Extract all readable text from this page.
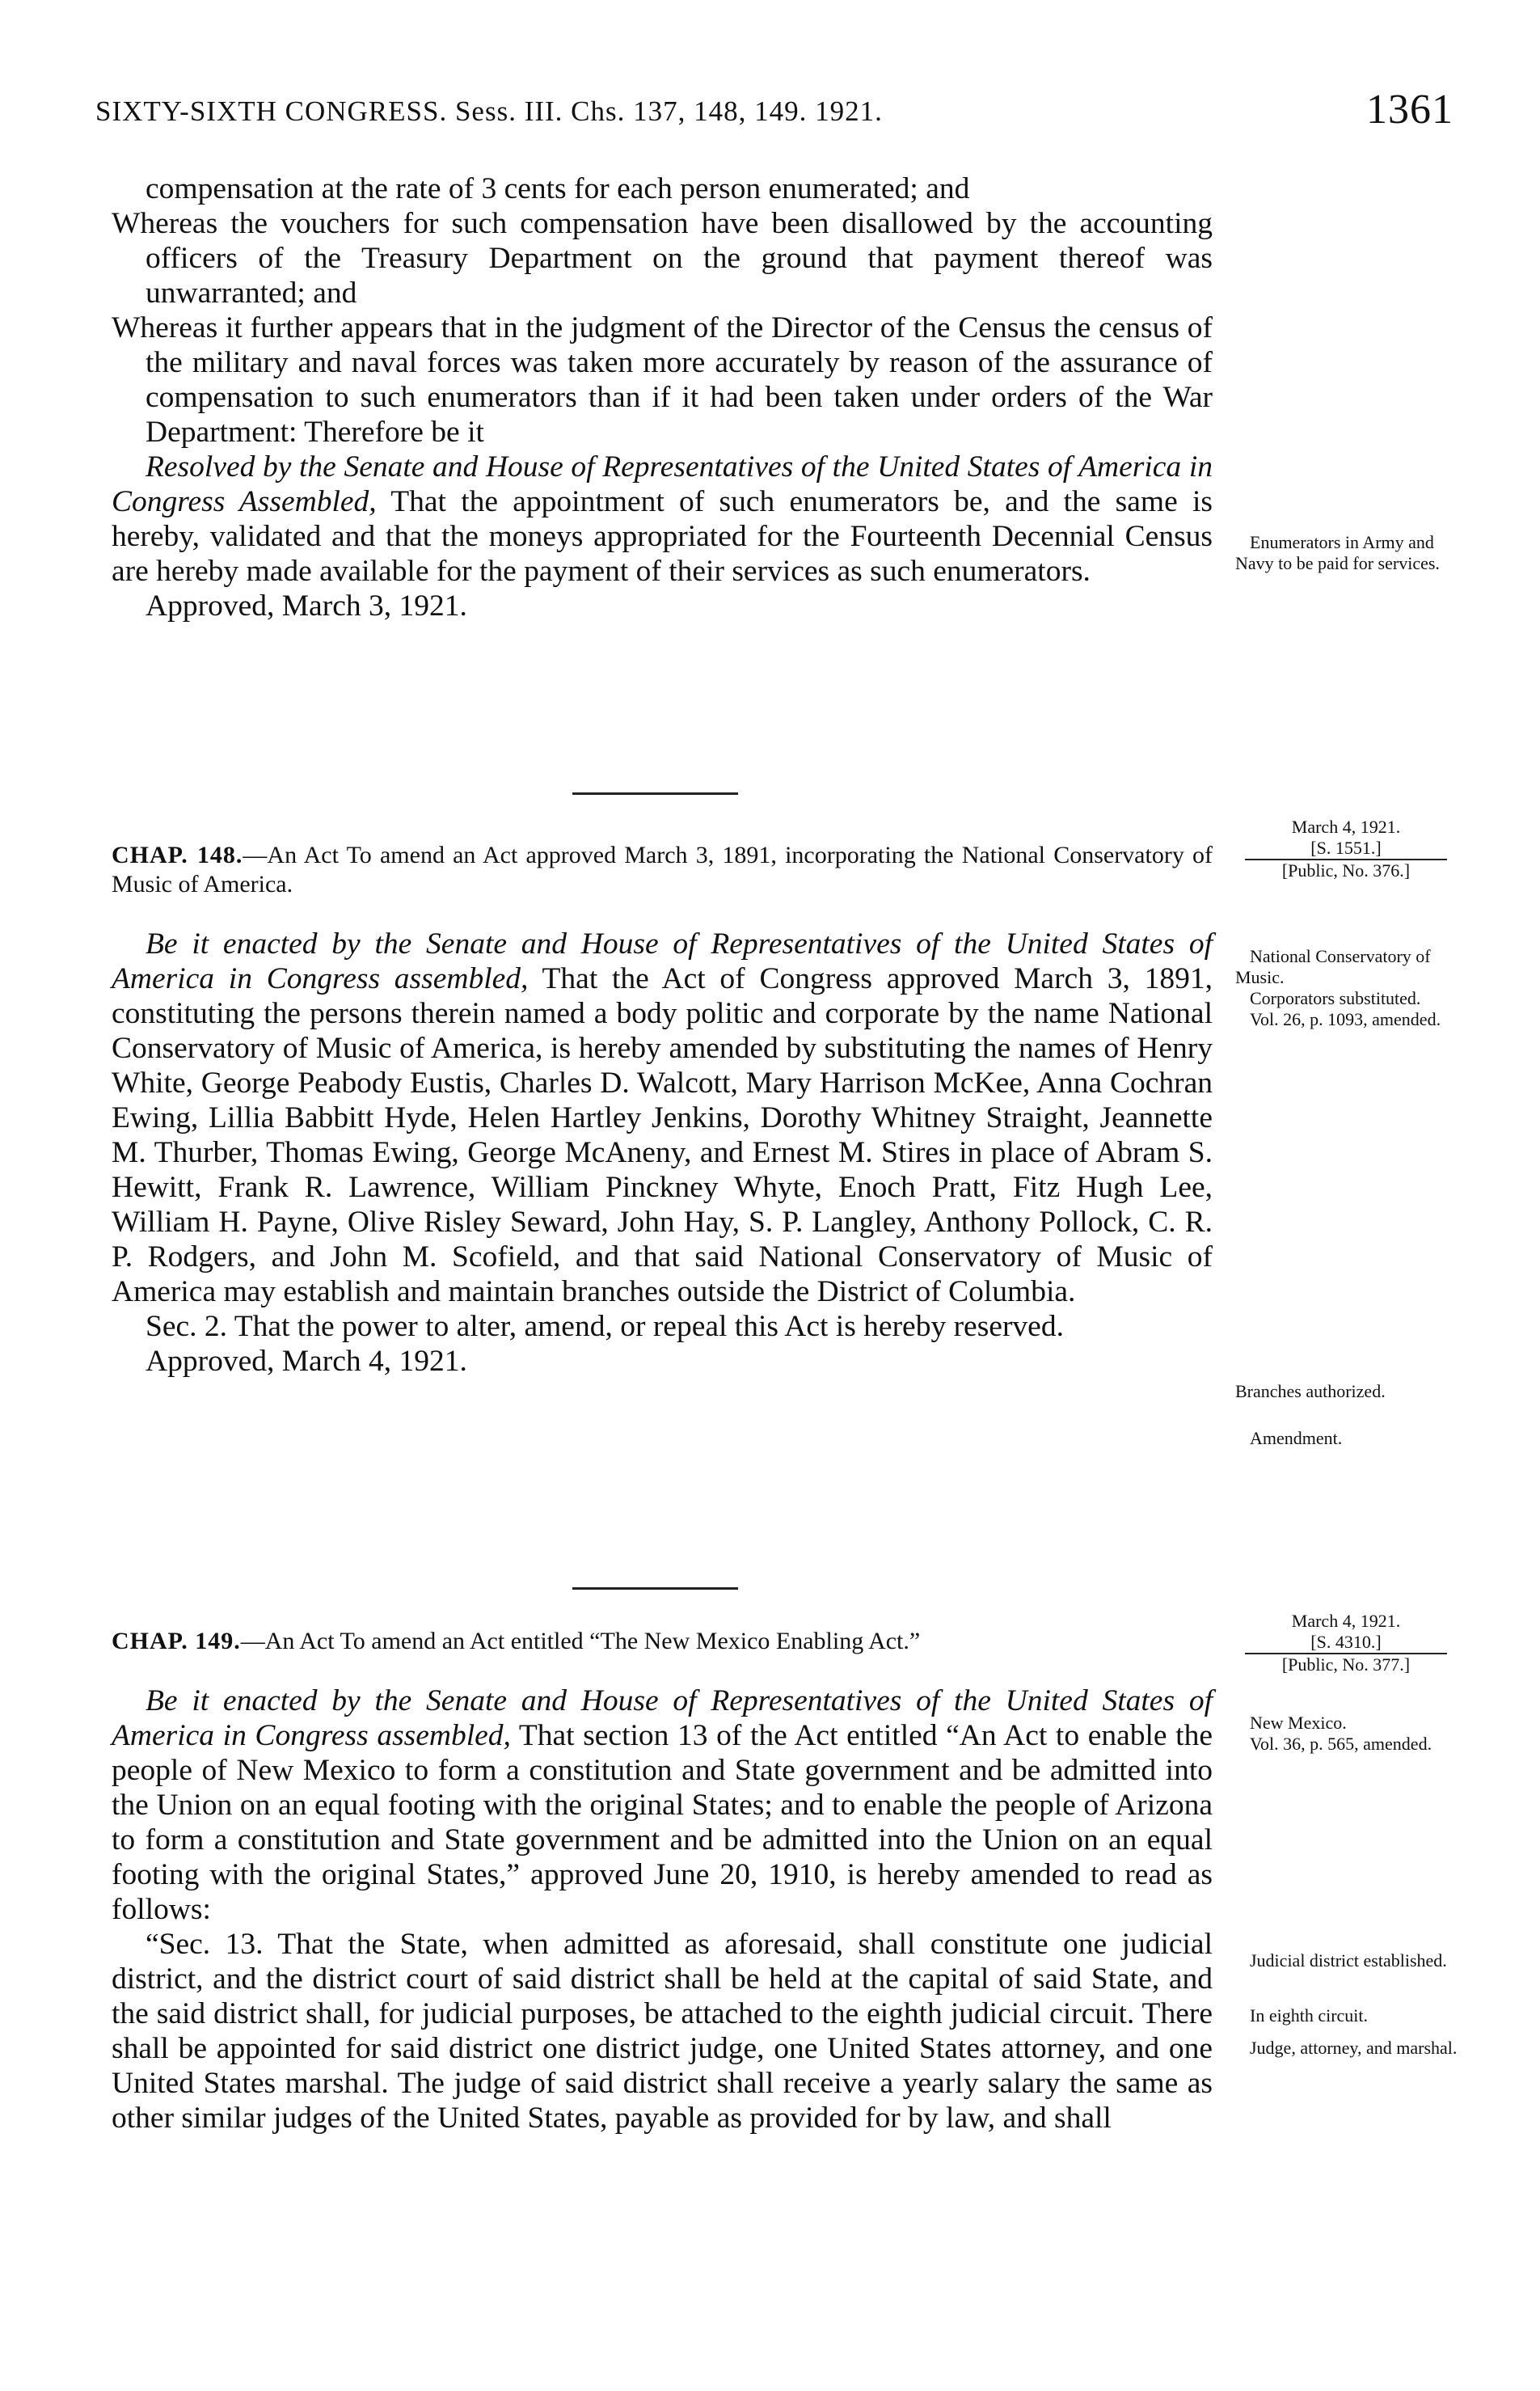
SIXTY-SIXTH CONGRESS. Sess. III. Chs. 137, 148, 149. 1921.	1361

compensation at the rate of 3 cents for each person enumerated; and

Whereas the vouchers for such compensation have been disallowed by the accounting officers of the Treasury Department on the ground that payment thereof was unwarranted; and

Whereas it further appears that in the judgment of the Director of the Census the census of the military and naval forces was taken more accurately by reason of the assurance of compensation to such enumerators than if it had been taken under orders of the War Department: Therefore be it

Resolved by the Senate and House of Representatives of the United States of America in Congress Assembled, That the appointment of such enumerators be, and the same is hereby, validated and that the moneys appropriated for the Fourteenth Decennial Census are hereby made available for the payment of their services as such enumerators.

Approved, March 3, 1921.

CHAP. 148.—An Act To amend an Act approved March 3, 1891, incorporating the National Conservatory of Music of America.

Be it enacted by the Senate and House of Representatives of the United States of America in Congress assembled, That the Act of Congress approved March 3, 1891, constituting the persons therein named a body politic and corporate by the name National Conservatory of Music of America, is hereby amended by substituting the names of Henry White, George Peabody Eustis, Charles D. Walcott, Mary Harrison McKee, Anna Cochran Ewing, Lillia Babbitt Hyde, Helen Hartley Jenkins, Dorothy Whitney Straight, Jeannette M. Thurber, Thomas Ewing, George McAneny, and Ernest M. Stires in place of Abram S. Hewitt, Frank R. Lawrence, William Pinckney Whyte, Enoch Pratt, Fitz Hugh Lee, William H. Payne, Olive Risley Seward, John Hay, S. P. Langley, Anthony Pollock, C. R. P. Rodgers, and John M. Scofield, and that said National Conservatory of Music of America may establish and maintain branches outside the District of Columbia.

Sec. 2. That the power to alter, amend, or repeal this Act is hereby reserved.

Approved, March 4, 1921.

CHAP. 149.—An Act To amend an Act entitled “The New Mexico Enabling Act.”

Be it enacted by the Senate and House of Representatives of the United States of America in Congress assembled, That section 13 of the Act entitled “An Act to enable the people of New Mexico to form a constitution and State government and be admitted into the Union on an equal footing with the original States; and to enable the people of Arizona to form a constitution and State government and be admitted into the Union on an equal footing with the original States,” approved June 20, 1910, is hereby amended to read as follows:

“Sec. 13. That the State, when admitted as aforesaid, shall constitute one judicial district, and the district court of said district shall be held at the capital of said State, and the said district shall, for judicial purposes, be attached to the eighth judicial circuit. There shall be appointed for said district one district judge, one United States attorney, and one United States marshal. The judge of said district shall receive a yearly salary the same as other similar judges of the United States, payable as provided for by law, and shall

Enumerators in Army and Navy to be paid for services.

March 4, 1921.
[S. 1551.]
[Public, No. 376.]

National Conservatory of Music.

Corporators substituted.

Vol. 26, p. 1093, amended.

Branches authorized.

Amendment.

March 4, 1921.
[S. 4310.]
[Public, No. 377.]

New Mexico.

Vol. 36, p. 565, amended.

Judicial district established.

In eighth circuit.

Judge, attorney, and marshal.
